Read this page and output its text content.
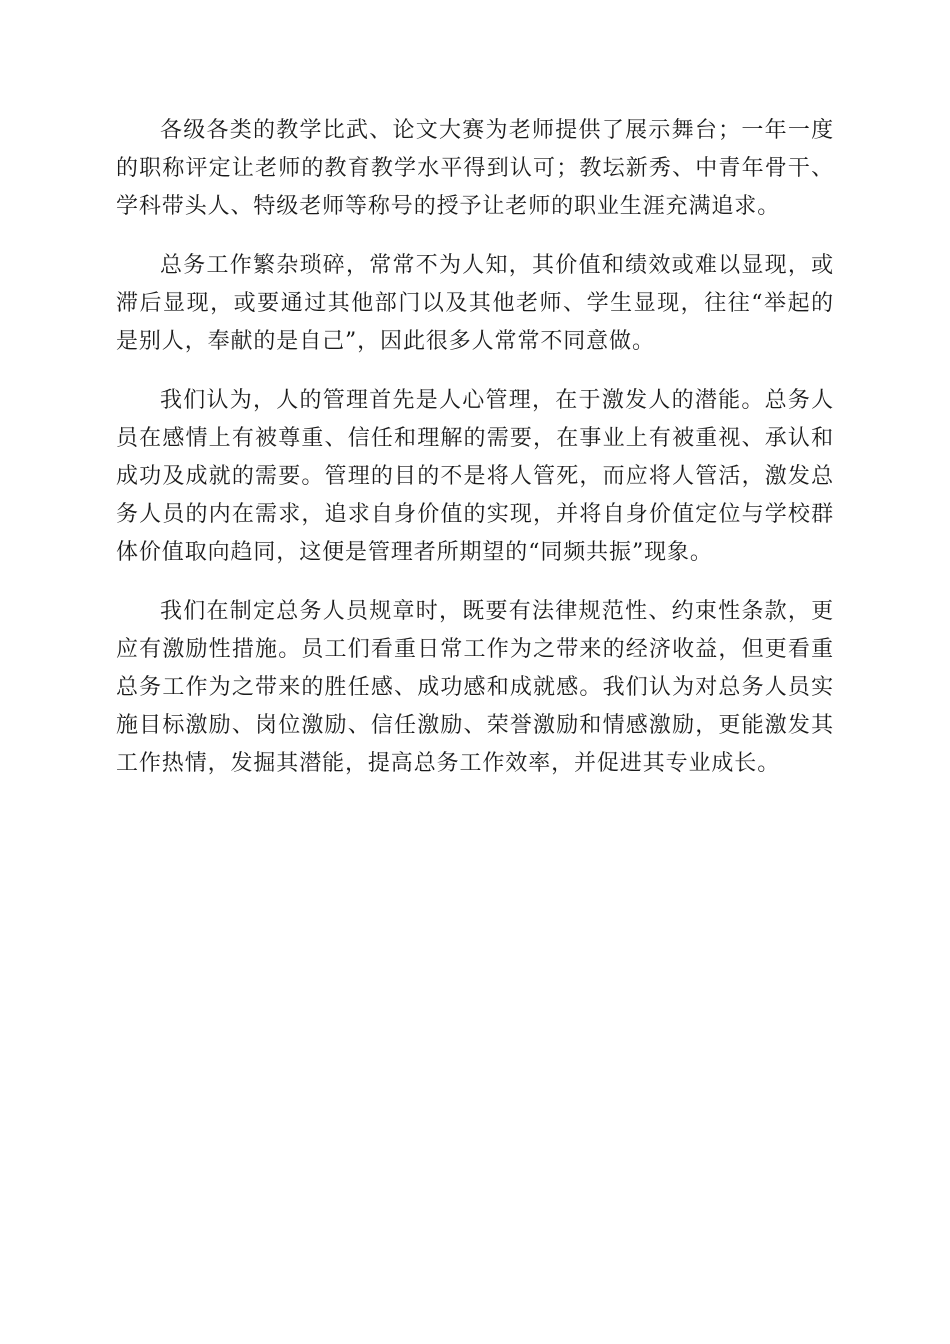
各级各类的教学比武、论文大赛为老师提供了展示舞台；一年一度的职称评定让老师的教育教学水平得到认可；教坛新秀、中青年骨干、学科带头人、特级老师等称号的授予让老师的职业生涯充满追求。

总务工作繁杂琐碎，常常不为人知，其价值和绩效或难以显现，或滞后显现，或要通过其他部门以及其他老师、学生显现，往往“举起的是别人，奉献的是自己”，因此很多人常常不同意做。

我们认为，人的管理首先是人心管理，在于激发人的潜能。总务人员在感情上有被尊重、信任和理解的需要，在事业上有被重视、承认和成功及成就的需要。管理的目的不是将人管死，而应将人管活，激发总务人员的内在需求，追求自身价值的实现，并将自身价值定位与学校群体价值取向趋同，这便是管理者所期望的“同频共振”现象。

我们在制定总务人员规章时，既要有法律规范性、约束性条款，更应有激励性措施。员工们看重日常工作为之带来的经济收益，但更看重总务工作为之带来的胜任感、成功感和成就感。我们认为对总务人员实施目标激励、岗位激励、信任激励、荣誉激励和情感激励，更能激发其工作热情，发掘其潜能，提高总务工作效率，并促进其专业成长。
